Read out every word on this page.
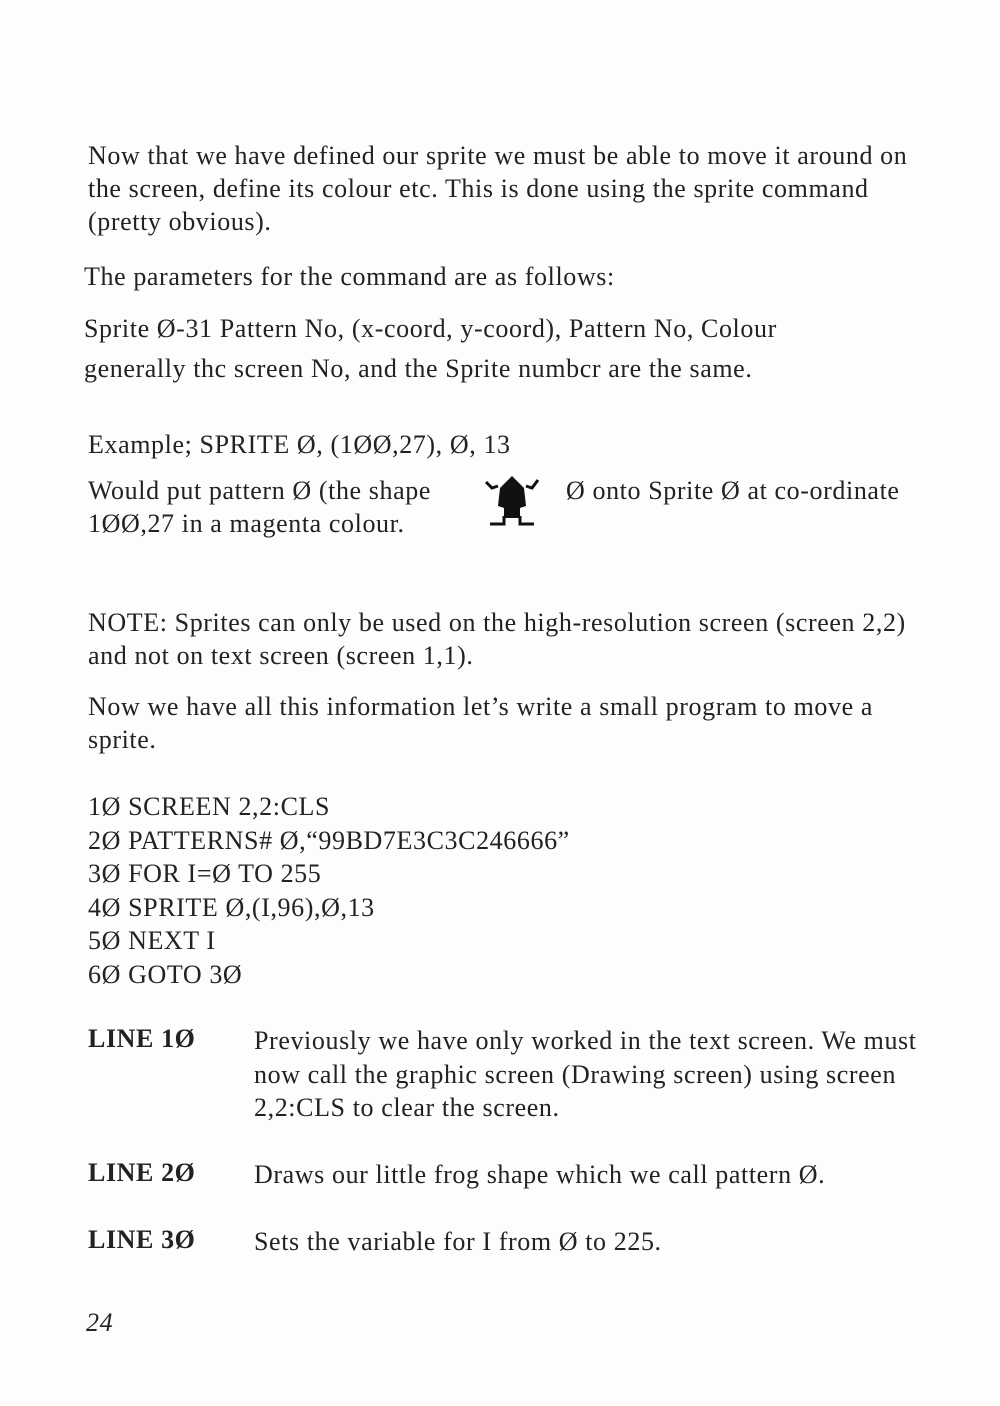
Now that we have defined our sprite we must be able to move it around on the screen, define its colour etc. This is done using the sprite command (pretty obvious).

The parameters for the command are as follows:

Sprite Ø-31 Pattern No, (x-coord, y-coord), Pattern No, Colour
generally thc screen No, and the Sprite numbcr are the same.

Example; SPRITE Ø, (1ØØ,27), Ø, 13

Would put pattern Ø (the shape	Ø onto Sprite Ø at co-ordinate
1ØØ,27 in a magenta colour.

NOTE: Sprites can only be used on the high-resolution screen (screen 2,2) and not on text screen (screen 1,1).

Now we have all this information let’s write a small program to move a sprite.

1Ø SCREEN 2,2:CLS
2Ø PATTERNS# Ø,“99BD7E3C3C246666”
3Ø FOR I=Ø TO 255
4Ø SPRITE Ø,(I,96),Ø,13
5Ø NEXT I
6Ø GOTO 3Ø
LINE 1Ø Previously we have only worked in the text screen. We must now call the graphic screen (Drawing screen) using screen 2,2:CLS to clear the screen.
LINE 2Ø Draws our little frog shape which we call pattern Ø.
LINE 3Ø Sets the variable for I from Ø to 225.
24
